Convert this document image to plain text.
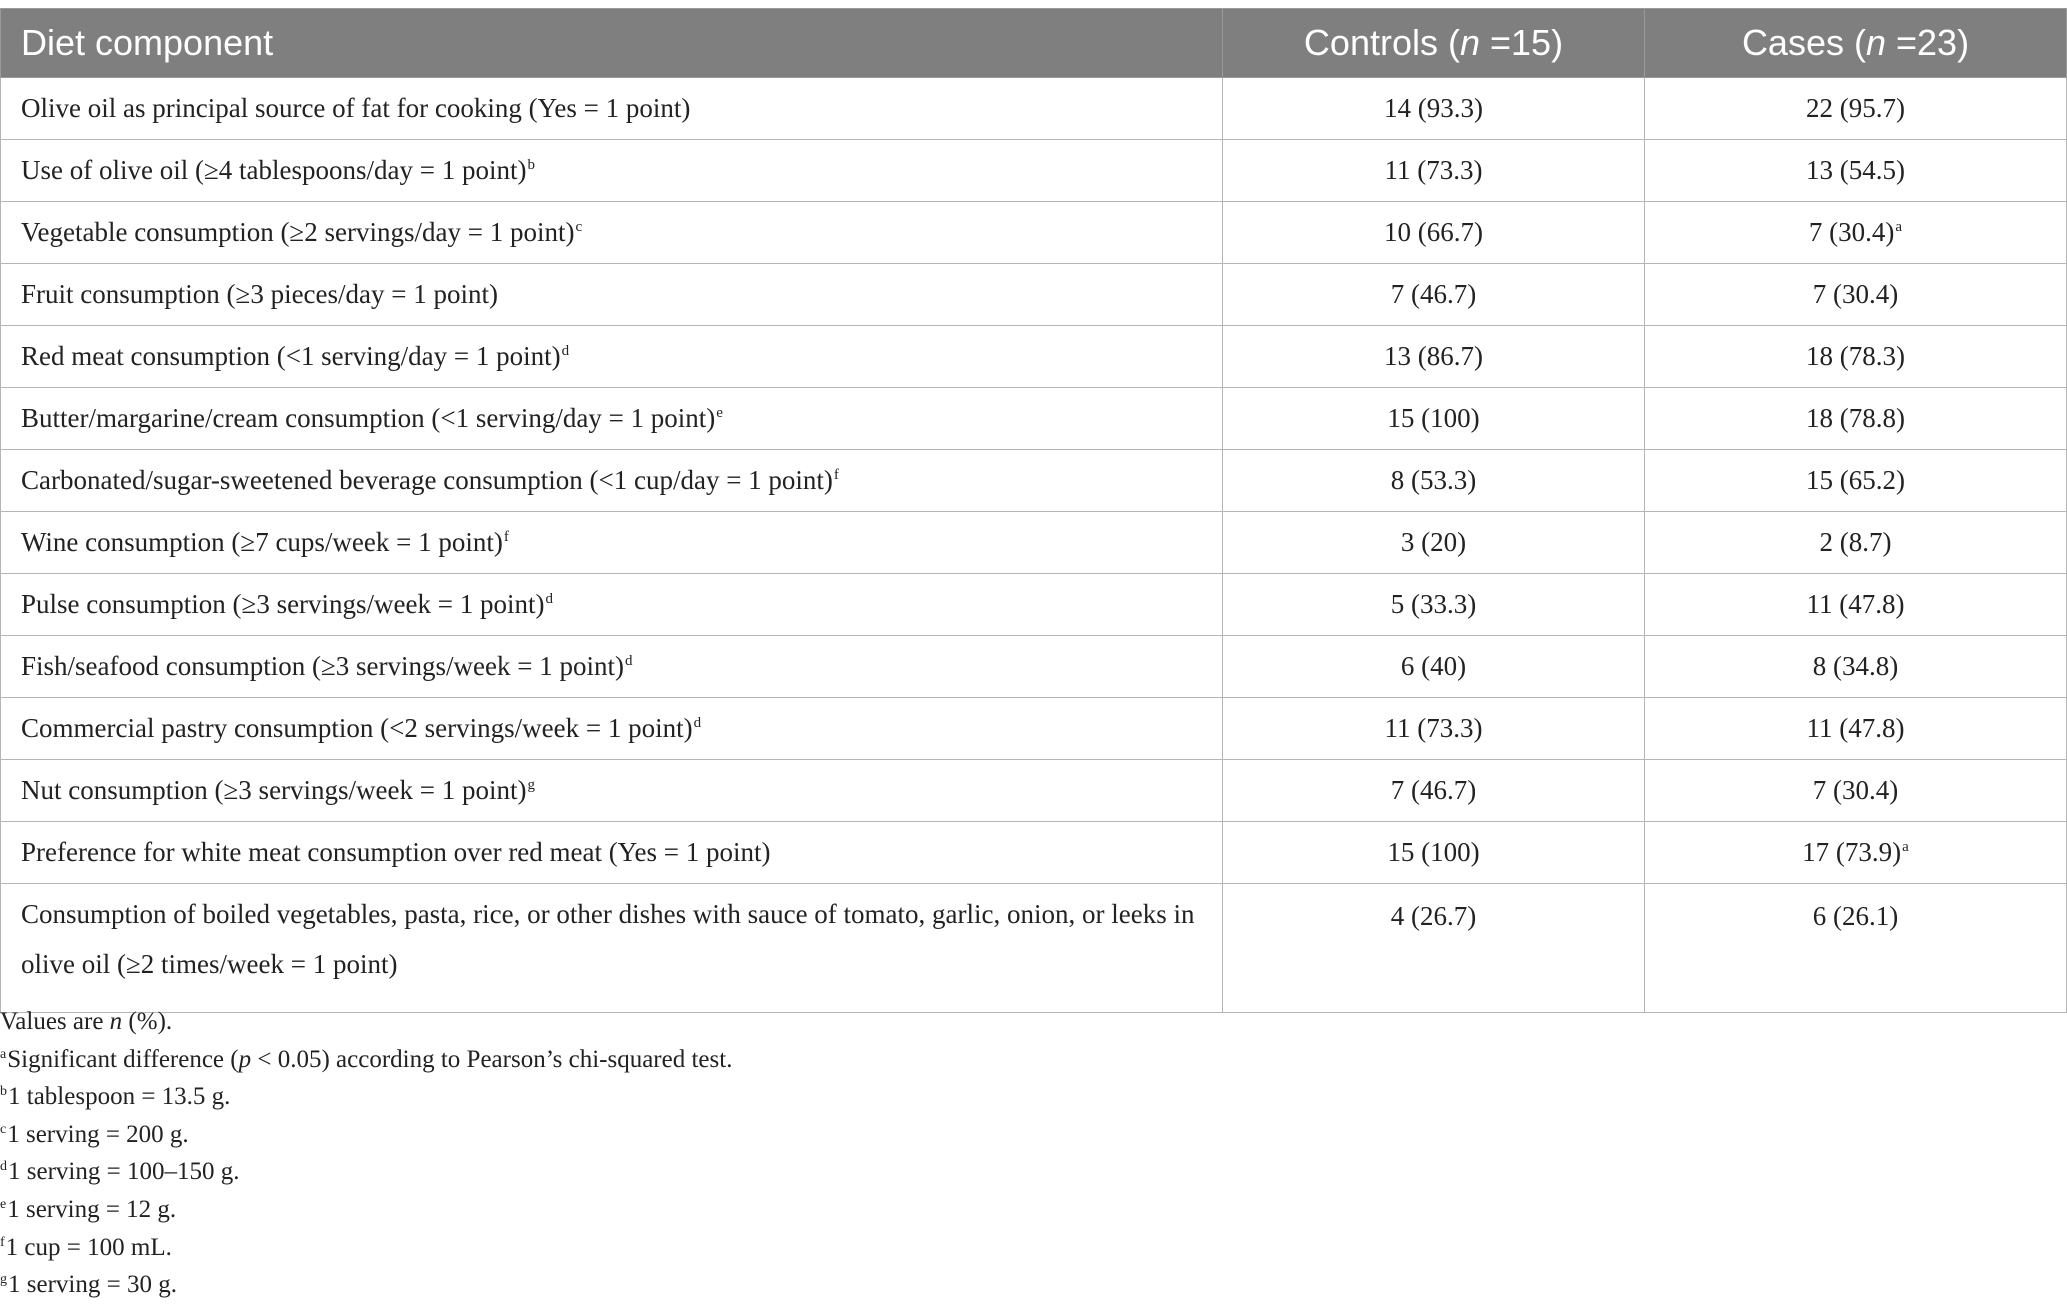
Diet component	Controls (n =15)	Cases (n =23)
Olive oil as principal source of fat for cooking (Yes = 1 point)	14 (93.3)	22 (95.7)
Use of olive oil (≥4 tablespoons/day = 1 point)$^b$	11 (73.3)	13 (54.5)
Vegetable consumption (≥2 servings/day = 1 point)$^c$	10 (66.7)	7 $(30.4)^a$
Fruit consumption (≥3 pieces/day = 1 point)	7 (46.7)	7 (30.4)
Red meat consumption (<1 serving/day = 1 point)$^d$	13 (86.7)	18 (78.3)
Butter/margarine/cream consumption (<1 serving/day = 1 point)$^e$	15 (100)	18 (78.8)
Carbonated/sugar-sweetened beverage consumption (<1 cup/day = 1 point)$^f$	8 (53.3)	15 (65.2)
Wine consumption (≥7 cups/week = 1 point)$^f$	3 (20)	2 (8.7)
Pulse consumption (≥3 servings/week = 1 point)$^d$	5 (33.3)	11 (47.8)
Fish/seafood consumption (≥3 servings/week = 1 point)$^d$	6 (40)	8 (34.8)
Commercial pastry consumption (<2 servings/week = 1 point)$^d$	11 (73.3)	11 (47.8)
Nut consumption (≥3 servings/week = 1 point)$^g$	7 (46.7)	7 (30.4)
Preference for white meat consumption over red meat (Yes = 1 point)	15 (100)	17 $(73.9)^a$
Consumption of boiled vegetables, pasta, rice, or other dishes with sauce of tomato, garlic, onion, or leeks in olive oil (≥2 times/week = 1 point)	4 (26.7)	6 (26.1)
Values are n (%).
$^a$Significant difference (p < 0.05) according to Pearson’s chi-squared test.
$^b$1 tablespoon = 13.5 g.
$^c$1 serving = 200 g.
$^d$1 serving = 100–150 g.
$^e$1 serving = 12 g.
$^f$1 cup = 100 mL.
$^g$1 serving = 30 g.
